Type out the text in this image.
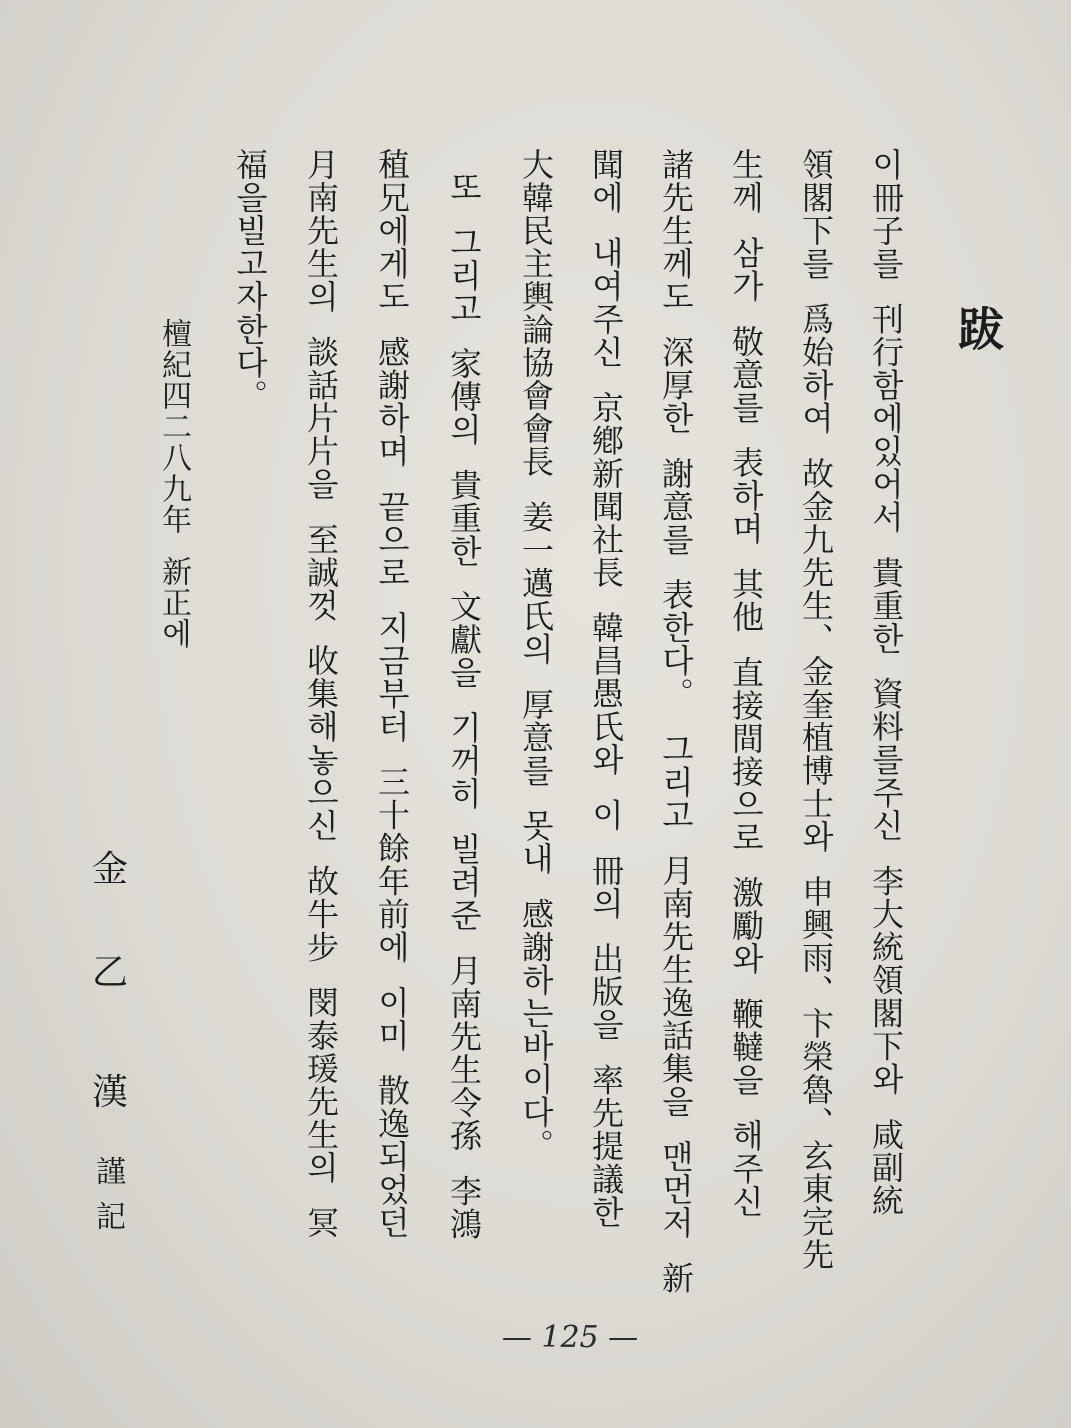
跋
이冊子를  刊行함에있어서  貴重한  資料를주신  李大統領閣下와  咸副統
領閣下를  爲始하여  故金九先生、金奎植博士와  申興雨、卞榮魯、玄東完先
生께  삼가  敬意를  表하며  其他  直接間接으로  激勵와  鞭韃을  해주신
諸先生께도  深厚한  謝意를  表한다。  그리고  月南先生逸話集을  맨먼저  新
聞에  내여주신  京鄕新聞社長  韓昌愚氏와  이  冊의  出版을  率先提議한
大韓民主輿論協會會長  姜一邁氏의  厚意를  못내  感謝하는바이다。
또  그리고  家傳의  貴重한  文獻을  기꺼히  빌려준  月南先生令孫  李鴻
稙兄에게도  感謝하며  끝으로  지금부터  三十餘年前에  이미  散逸되었던
月南先生의  談話片片을  至誠껏  收集해놓으신  故牛步  閔泰瑗先生의  冥
福을빌고자한다。
檀紀四二八九年  新正에
金
乙
漢
謹
記
— 125 —
